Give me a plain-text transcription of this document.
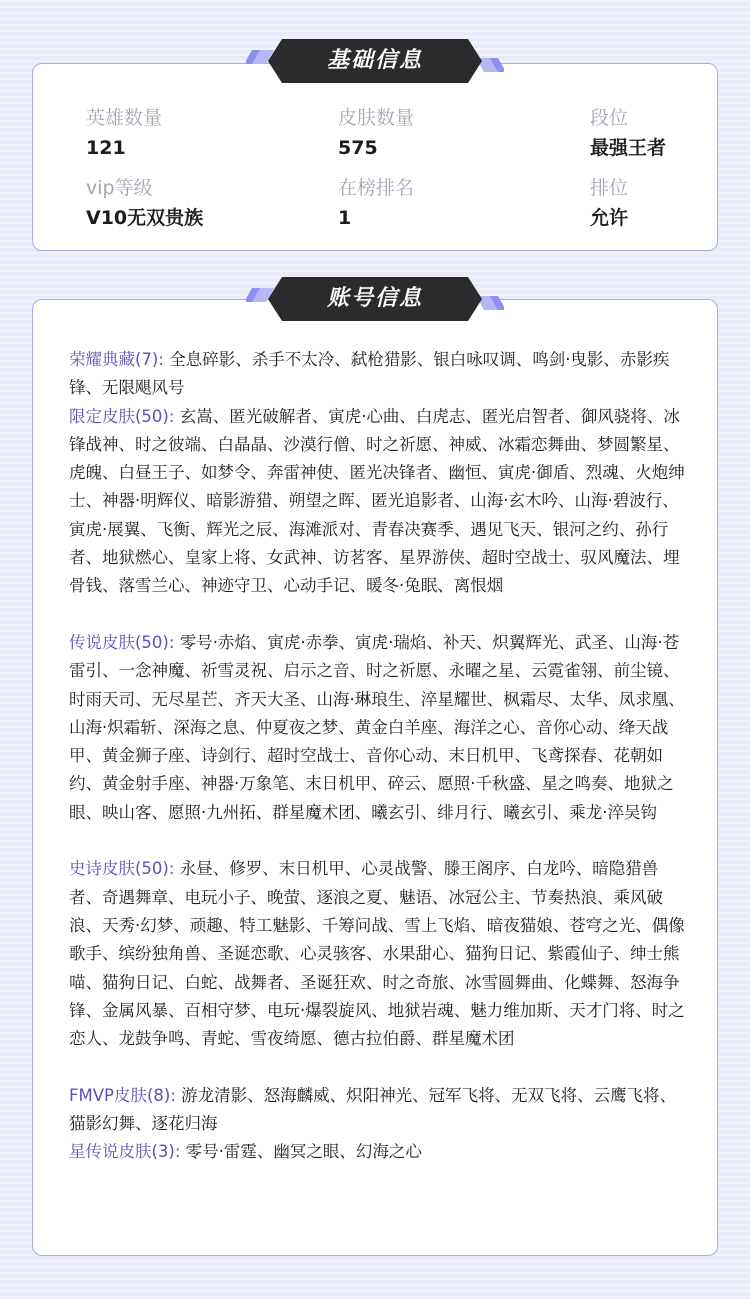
英雄数量
121
皮肤数量
575
段位
最强王者
vip等级
V10无双贵族
在榜排名
1
排位
允许
基础信息

荣耀典藏(7): 全息碎影、杀手不太冷、弑枪猎影、银白咏叹调、鸣剑·曳影、赤影疾锋、无限飓风号

限定皮肤(50): 玄嵩、匿光破解者、寅虎·心曲、白虎志、匿光启智者、御风骁将、冰锋战神、时之彼端、白晶晶、沙漠行僧、时之祈愿、神威、冰霜恋舞曲、梦圆繁星、虎魄、白昼王子、如梦令、奔雷神使、匿光决锋者、幽恒、寅虎·御盾、烈魂、火炮绅士、神器·明辉仪、暗影游猎、朔望之晖、匿光追影者、山海·玄木吟、山海·碧波行、寅虎·展翼、飞衡、辉光之辰、海滩派对、青春决赛季、遇见飞天、银河之约、孙行者、地狱燃心、皇家上将、女武神、访茗客、星界游侠、超时空战士、驭风魔法、埋骨钱、落雪兰心、神迹守卫、心动手记、暖冬·兔眠、离恨烟

传说皮肤(50): 零号·赤焰、寅虎·赤拳、寅虎·瑞焰、补天、炽翼辉光、武圣、山海·苍雷引、一念神魔、祈雪灵祝、启示之音、时之祈愿、永曜之星、云霓雀翎、前尘镜、时雨天司、无尽星芒、齐天大圣、山海·琳琅生、淬星耀世、枫霜尽、太华、凤求凰、山海·炽霜斩、深海之息、仲夏夜之梦、黄金白羊座、海洋之心、音你心动、绛天战甲、黄金狮子座、诗剑行、超时空战士、音你心动、末日机甲、飞鸢探春、花朝如约、黄金射手座、神器·万象笔、末日机甲、碎云、愿照·千秋盛、星之鸣奏、地狱之眼、映山客、愿照·九州拓、群星魔术团、曦玄引、绯月行、曦玄引、乘龙·淬吴钩

史诗皮肤(50): 永昼、修罗、末日机甲、心灵战警、滕王阁序、白龙吟、暗隐猎兽者、奇遇舞章、电玩小子、晚萤、逐浪之夏、魅语、冰冠公主、节奏热浪、乘风破浪、天秀·幻梦、顽趣、特工魅影、千筹问战、雪上飞焰、暗夜猫娘、苍穹之光、偶像歌手、缤纷独角兽、圣诞恋歌、心灵骇客、水果甜心、猫狗日记、紫霞仙子、绅士熊喵、猫狗日记、白蛇、战舞者、圣诞狂欢、时之奇旅、冰雪圆舞曲、化蝶舞、怒海争锋、金属风暴、百相守梦、电玩·爆裂旋风、地狱岩魂、魅力维加斯、天才门将、时之恋人、龙鼓争鸣、青蛇、雪夜绮愿、德古拉伯爵、群星魔术团

FMVP皮肤(8): 游龙清影、怒海麟威、炽阳神光、冠军飞将、无双飞将、云鹰飞将、猫影幻舞、逐花归海

星传说皮肤(3): 零号·雷霆、幽冥之眼、幻海之心

账号信息
